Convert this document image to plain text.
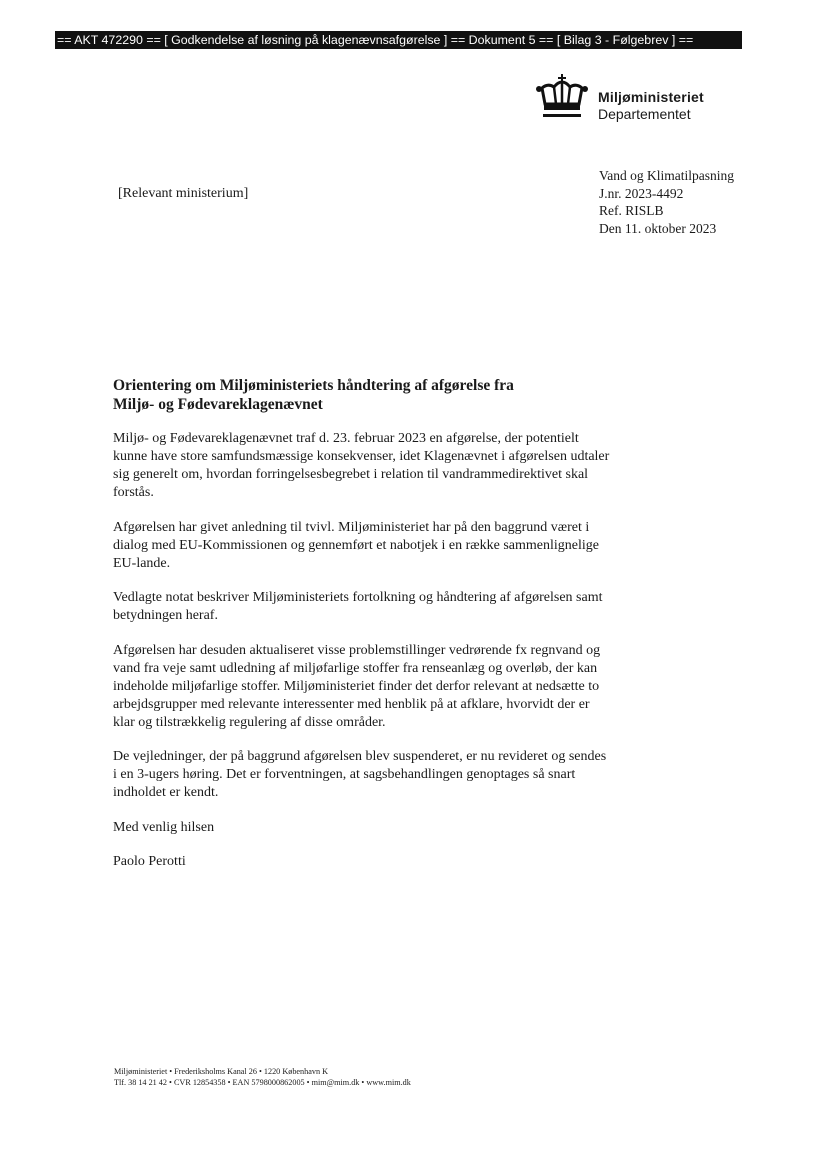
== AKT 472290 == [ Godkendelse af løsning på klagenævnsafgørelse ] == Dokument 5 == [ Bilag 3 - Følgebrev ] ==
Miljøministeriet
Departementet
[Relevant ministerium]
Vand og Klimatilpasning
J.nr. 2023-4492
Ref. RISLB
Den 11. oktober 2023
Orientering om Miljøministeriets håndtering af afgørelse fra
Miljø- og Fødevareklagenævnet

Miljø- og Fødevareklagenævnet traf d. 23. februar 2023 en afgørelse, der potentielt kunne have store samfundsmæssige konsekvenser, idet Klagenævnet i afgørelsen udtaler sig generelt om, hvordan forringelsesbegrebet i relation til vandrammedirektivet skal forstås.

Afgørelsen har givet anledning til tvivl. Miljøministeriet har på den baggrund været i dialog med EU-Kommissionen og gennemført et nabotjek i en række sammenlignelige EU-lande.

Vedlagte notat beskriver Miljøministeriets fortolkning og håndtering af afgørelsen samt betydningen heraf.

Afgørelsen har desuden aktualiseret visse problemstillinger vedrørende fx regnvand og vand fra veje samt udledning af miljøfarlige stoffer fra renseanlæg og overløb, der kan indeholde miljøfarlige stoffer. Miljøministeriet finder det derfor relevant at nedsætte to arbejdsgrupper med relevante interessenter med henblik på at afklare, hvorvidt der er klar og tilstrækkelig regulering af disse områder.

De vejledninger, der på baggrund afgørelsen blev suspenderet, er nu revideret og sendes i en 3-ugers høring. Det er forventningen, at sagsbehandlingen genoptages så snart indholdet er kendt.

Med venlig hilsen

Paolo Perotti

Miljøministeriet • Frederiksholms Kanal 26 • 1220 København K
Tlf. 38 14 21 42 • CVR 12854358 • EAN 5798000862005 • mim@mim.dk • www.mim.dk
